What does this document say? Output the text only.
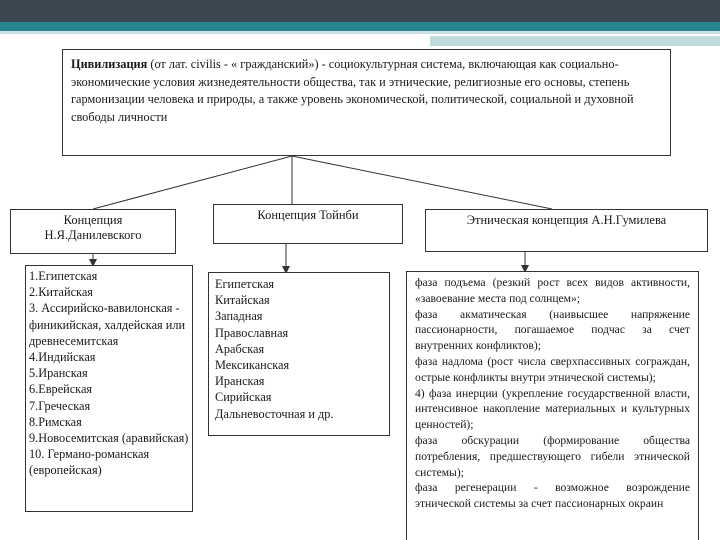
Цивилизация (от лат. civilis - « гражданский») - социокультурная система, включающая как социально-экономические условия жизнедеятельности общества, так и этнические, религиозные его основы, степень гармонизации человека и природы, а также уровень экономической, политической, социальной и духовной свободы личности
Концепция Н.Я.Данилевского
Концепция Тойнби	Этническая концепция А.Н.Гумилева
1.Египетская
2.Китайская
3. Ассирийско-вавилонская - финикийская, халдейская или древнесемитская
4.Индийская
5.Иранская
6.Еврейская
7.Греческая
8.Римская
9.Новосемитская (аравийская)
10. Германо-романская (европейская)
Египетская
Китайская
Западная
Православная
Арабская
Мексиканская
Иранская
Сирийская
Дальневосточная и др.
фаза подъема (резкий рост всех видов активности, «завоевание места под солнцем»;
фаза акматическая (наивысшее напряжение пассионарности, погашаемое подчас за счет внутренних конфликтов);
фаза надлома (рост числа сверхпассивных сограждан, острые конфликты внутри этнической системы);
4) фаза инерции (укрепление государственной власти, интенсивное накопление материальных и культурных ценностей);
фаза обскурации (формирование общества потребления, предшествующего гибели этнической системы);
фаза регенерации - возможное возрождение этнической системы за счет пассионарных окраин
